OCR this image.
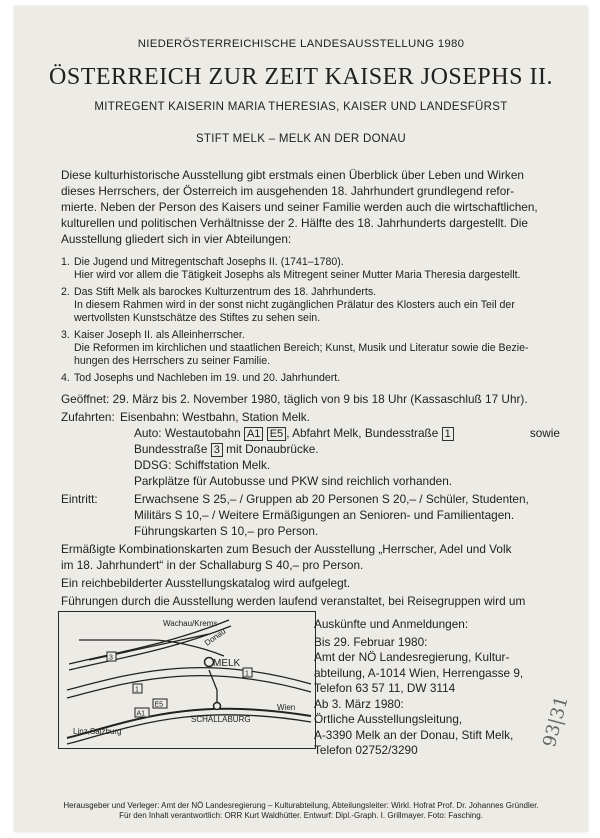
NIEDERÖSTERREICHISCHE LANDESAUSSTELLUNG 1980
ÖSTERREICH ZUR ZEIT KAISER JOSEPHS II.
MITREGENT KAISERIN MARIA THERESIAS, KAISER UND LANDESFÜRST
STIFT MELK – MELK AN DER DONAU
Diese kulturhistorische Ausstellung gibt erstmals einen Überblick über Leben und Wirken
dieses Herrschers, der Österreich im ausgehenden 18. Jahrhundert grundlegend refor-
mierte. Neben der Person des Kaisers und seiner Familie werden auch die wirtschaftlichen,
kulturellen und politischen Verhältnisse der 2. Hälfte des 18. Jahrhunderts dargestellt. Die
Ausstellung gliedert sich in vier Abteilungen:
1. Die Jugend und Mitregentschaft Josephs II. (1741–1780).
Hier wird vor allem die Tätigkeit Josephs als Mitregent seiner Mutter Maria Theresia dargestellt.
2. Das Stift Melk als barockes Kulturzentrum des 18. Jahrhunderts.
In diesem Rahmen wird in der sonst nicht zugänglichen Prälatur des Klosters auch ein Teil der
wertvollsten Kunstschätze des Stiftes zu sehen sein.
3. Kaiser Joseph II. als Alleinherrscher.
Die Reformen im kirchlichen und staatlichen Bereich; Kunst, Musik und Literatur sowie die Bezie-
hungen des Herrschers zu seiner Familie.
4. Tod Josephs und Nachleben im 19. und 20. Jahrhundert.
Geöffnet: 29. März bis 2. November 1980, täglich von 9 bis 18 Uhr (Kassaschluß 17 Uhr).
Zufahrten: Eisenbahn: Westbahn, Station Melk.
Auto: Westautobahn A1 E5 , Abfahrt Melk, Bundesstraße 1	sowie
Bundesstraße 3 mit Donaubrücke.
DDSG: Schiffstation Melk.
Parkplätze für Autobusse und PKW sind reichlich vorhanden.
Eintritt:	Erwachsene S 25,– / Gruppen ab 20 Personen S 20,– / Schüler, Studenten,
Militärs S 10,– / Weitere Ermäßigungen an Senioren- und Familientagen.
Führungskarten S 10,– pro Person.
Ermäßigte Kombinationskarten zum Besuch der Ausstellung „Herrscher, Adel und Volk
im 18. Jahrhundert“ in der Schallaburg S 40,– pro Person.
Ein reichbebilderter Ausstellungskatalog wird aufgelegt.
Führungen durch die Ausstellung werden laufend veranstaltet, bei Reisegruppen wird um
Wachau/Krems
Donau
MELK
Wien
Linz,Salzburg
SCHALLABURG
3
1
1
A1
E5
Auskünfte und Anmeldungen:
Bis 29. Februar 1980:
Amt der NÖ Landesregierung, Kultur-
abteilung, A-1014 Wien, Herrengasse 9,
Telefon 63 57 11, DW 3114
Ab 3. März 1980:
Örtliche Ausstellungsleitung,
A-3390 Melk an der Donau, Stift Melk,
Telefon 02752/3290
93|31
Herausgeber und Verleger: Amt der NÖ Landesregierung – Kulturabteilung, Abteilungsleiter: Wirkl. Hofrat Prof. Dr. Johannes Gründler.
Für den Inhalt verantwortlich: ORR Kurt Waldhütter. Entwurf: Dipl.-Graph. I. Grillmayer. Foto: Fasching.
